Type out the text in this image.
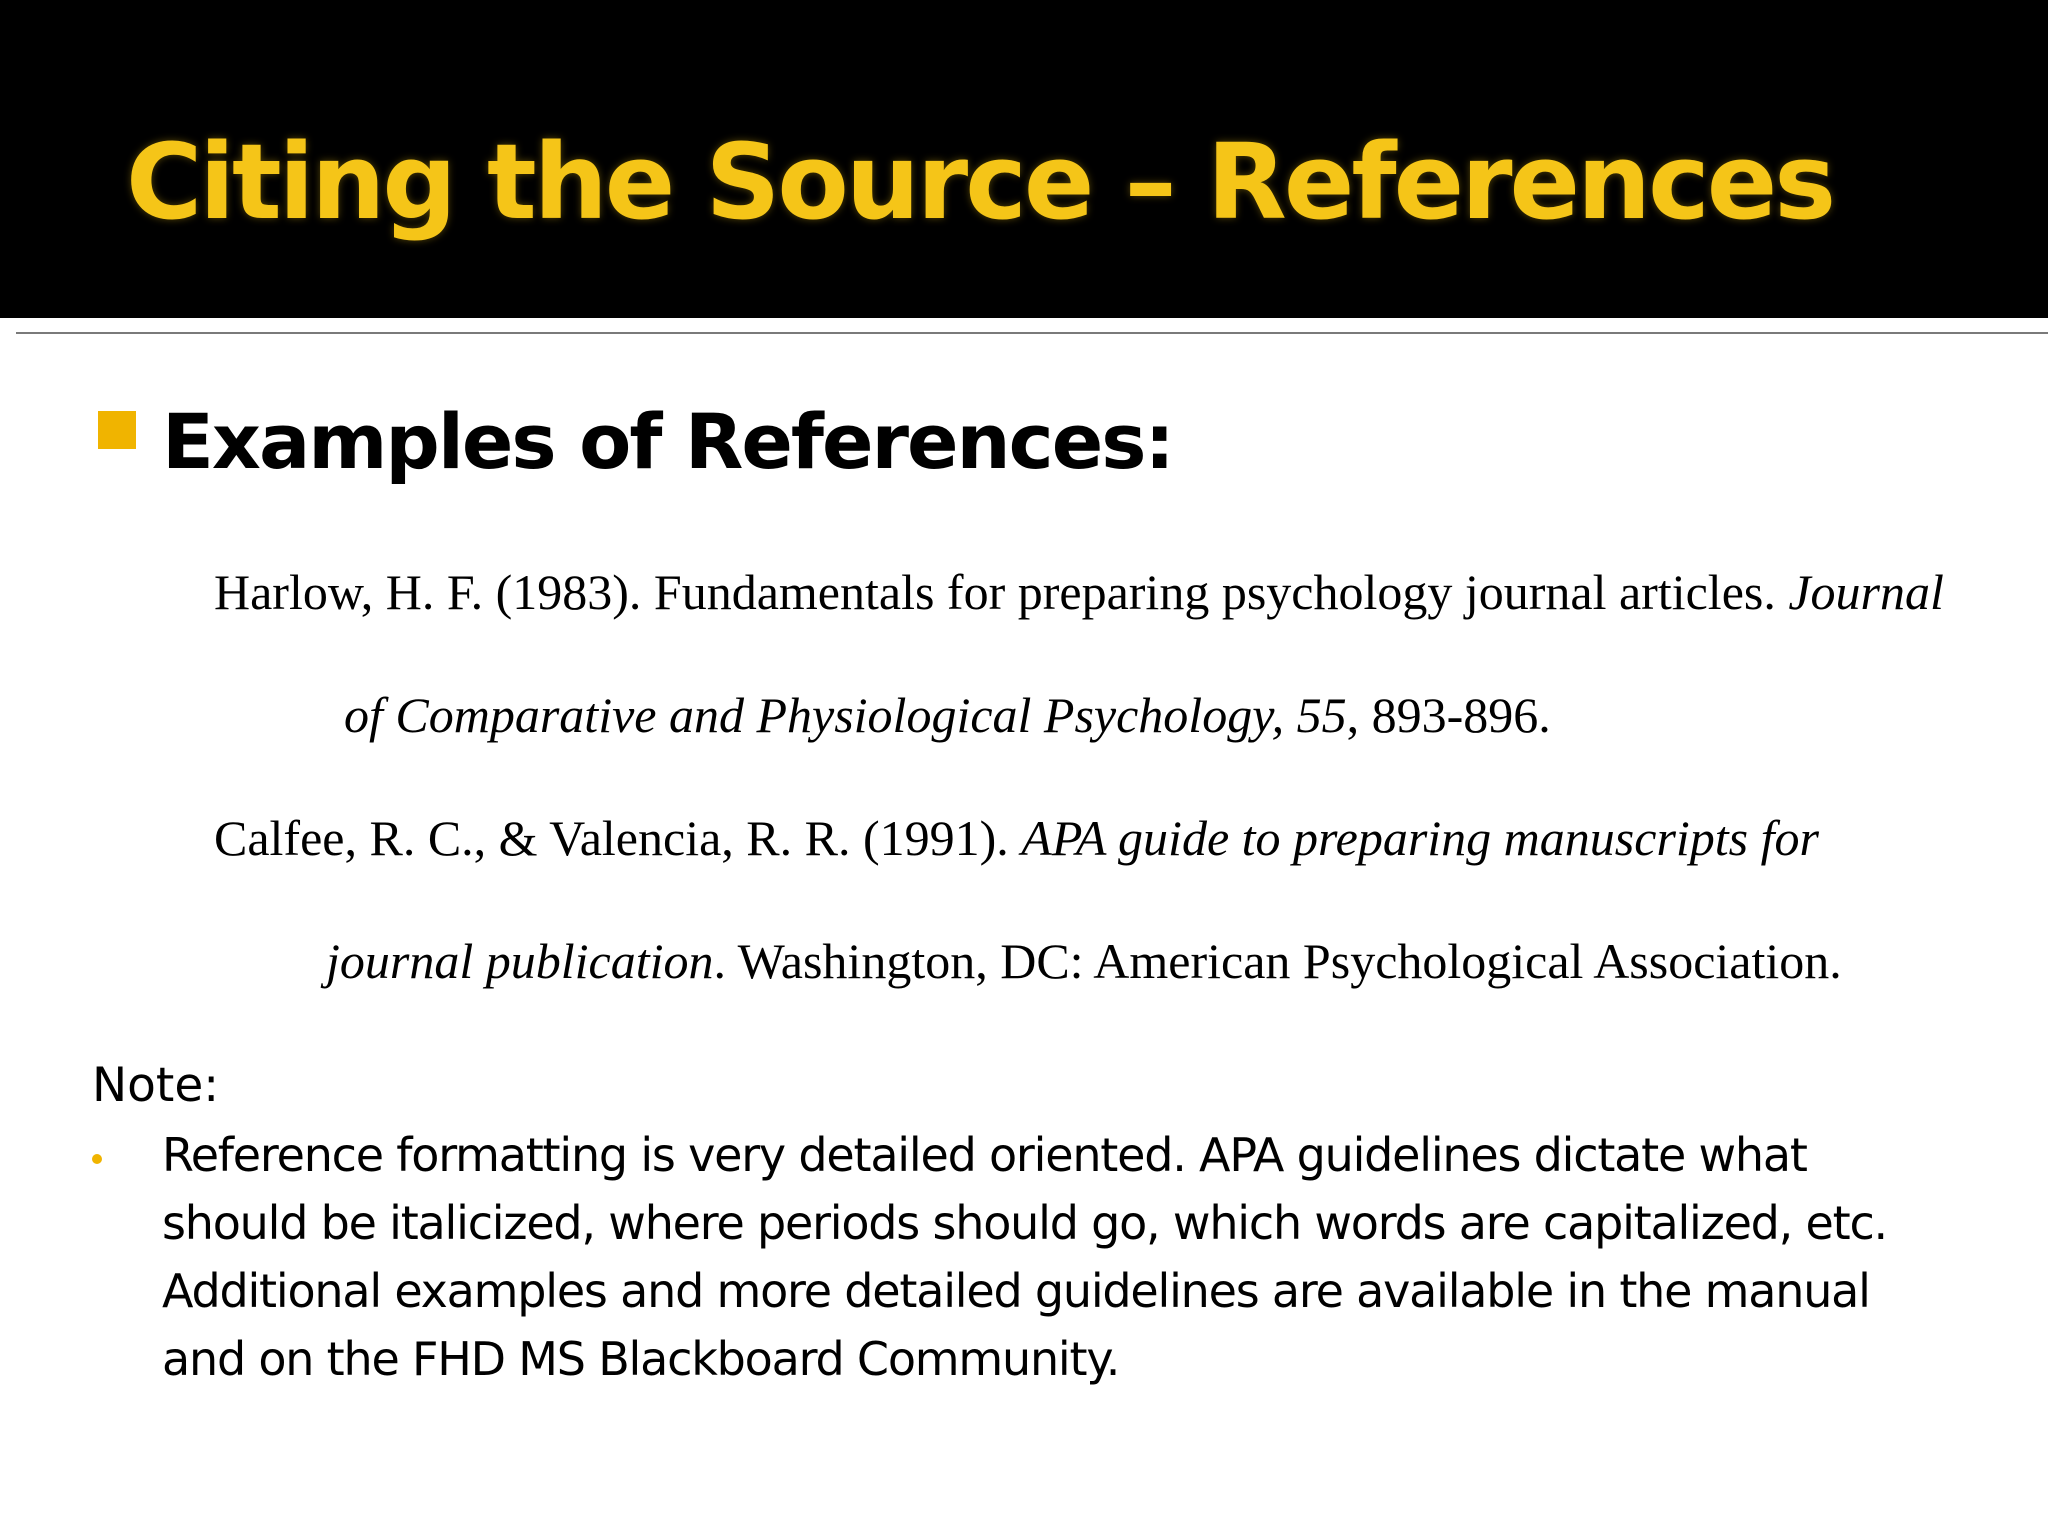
Citing the Source – References
Examples of References:

Harlow, H. F. (1983). Fundamentals for preparing psychology journal articles. Journal

of Comparative and Physiological Psychology, 55, 893-896.

Calfee, R. C., & Valencia, R. R. (1991). APA guide to preparing manuscripts for

journal publication. Washington, DC: American Psychological Association.

Note:

Reference formatting is very detailed oriented. APA guidelines dictate what
should be italicized, where periods should go, which words are capitalized, etc.
Additional examples and more detailed guidelines are available in the manual
and on the FHD MS Blackboard Community.
